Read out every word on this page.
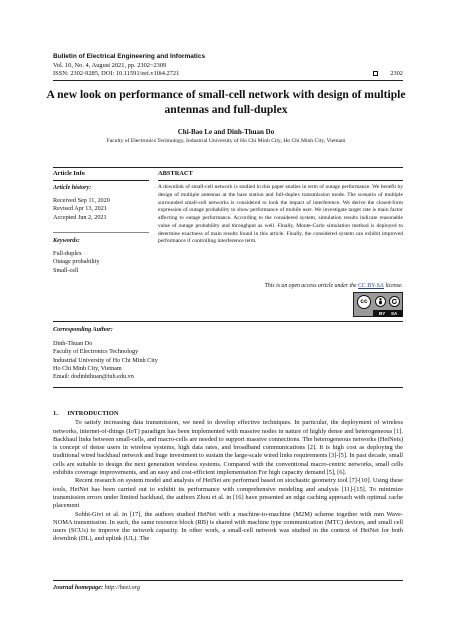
Bulletin of Electrical Engineering and Informatics
Vol. 10, No. 4, August 2021, pp. 2302~2309
ISSN: 2302-9285, DOI: 10.11591/eei.v10i4.2721	2302
A new look on performance of small-cell network with design of multiple antennas and full-duplex
Chi-Bao Le and Dinh-Thuan Do
Faculty of Electronics Technology, Industrial University of Ho Chi Minh City, Ho Chi Minh City, Vietnam
Article Info	ABSTRACT
Article history:
Received Sep 11, 2020
Revised Apr 13, 2021
Accepted Jun 2, 2021
Keywords:
Full-duplex
Outage probability
Small-cell
A downlink of small-cell network is studied in this paper studies in term of outage performance. We benefit by design of multiple antennas at the base station and full-duplex transmission mode. The scenario of multiple surrounded small-cell networks is considered to look the impact of interference. We derive the closed-form expression of outage probability to show performance of mobile user. We investigate target rate is main factor affecting to outage performance. According to the considered system, simulation results indicate reasonable value of outage probability and throughput as well. Finally, Monte-Carlo simulation method is deployed to determine exactness of main results found in this article. Finally, the considered system can exhibit improved performance if controlling interference term.
This is an open access article under the CC BY-SA license.
cc
BY SA
Corresponding Author:
Dinh-Thuan Do
Faculty of Electronics Technology
Industrial University of Ho Chi Minh City
Ho Chi Minh City, Vietnam
Email: dodinhthuan@iuh.edu.vn
1.      INTRODUCTION

To satisfy increasing data transmission, we need to develop effective techniques. In particular, the deployment of wireless networks, internet-of-things (IoT) paradigm has been implemented with massive nodes in nature of highly dense and heterogeneous [1]. Backhaul links between small-cells, and macro-cells are needed to support massive connections. The heterogeneous networks (HetNets) is concept of dense users in wireless systems, high data rates, and broadband communications [2]. It is high cost as deploying the traditional wired backhaul network and huge investment to sustain the large-scale wired links requirements [3]-[5]. In past decade, small cells are suitable to design the next generation wireless systems. Compared with the conventional macro-centric networks, small cells exhibits coverage improvements, and an easy and cost-efficient implementation For high capacity demand [5], [6].

Recent research on system model and analysis of HetNet are performed based on stochastic geometry tool [7]-[10]. Using these tools, HetNet has been carried out to exhibit its performance with comprehensive modeling and analysis [11]-[15]. To minimize transmission errors under limited backhaul, the authors Zhou et al. in [16] have presented an edge caching approach with optimal cache placement

Sobhi-Givi et al. in [17], the authors studied HetNet with a machine-to-machine (M2M) scheme together with mm Wave-NOMA transmission. In such, the same resource block (RB) is shared with machine type communication (MTC) devices, and small cell users (SCUs) to improve the network capacity. In other work, a small-cell network was studied in the context of HetNet for both downlink (DL), and uplink (UL). The

Journal homepage: http://beei.org
